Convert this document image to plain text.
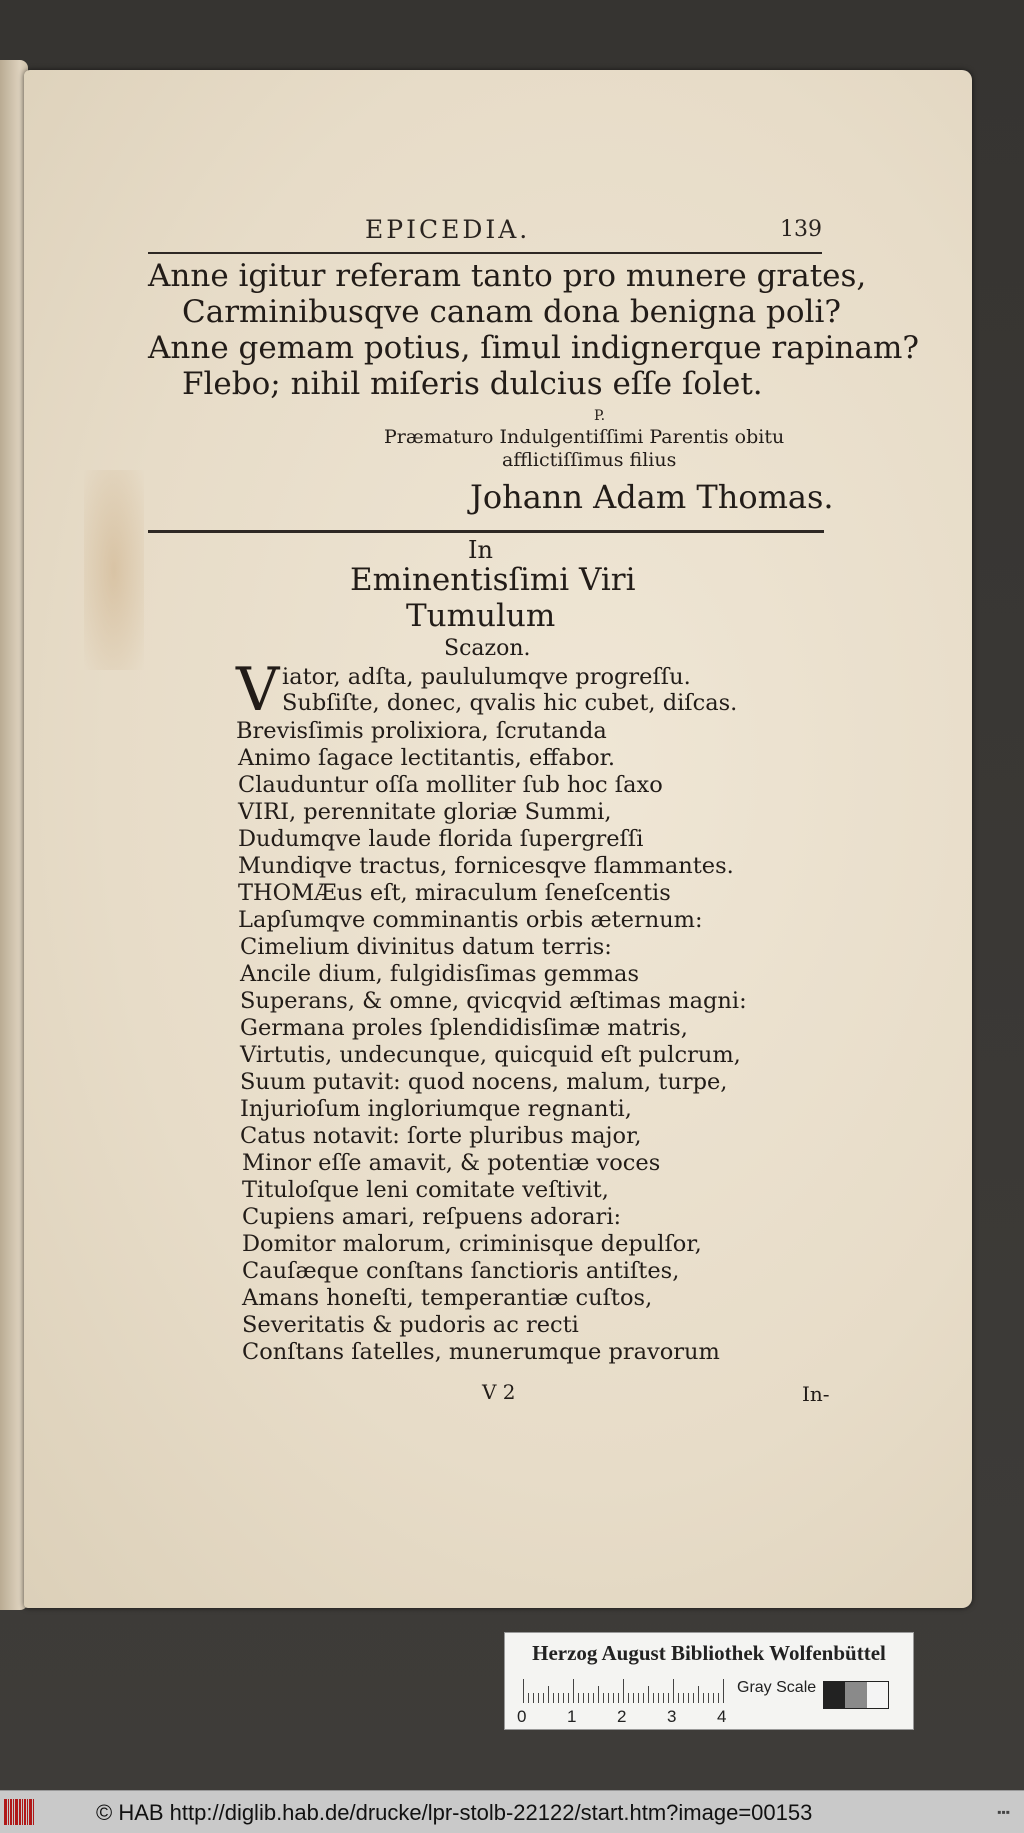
EPICEDIA.	139
Anne igitur referam tanto pro munere grates,
Carminibusqve canam dona benigna poli?
Anne gemam potius, ſimul indignerque rapinam?
Flebo; nihil miſeris dulcius eſſe ſolet.
P.
Præmaturo Indulgentiſſimi Parentis obitu
afflictiſſimus filius
Johann Adam Thomas.
In
Eminentisſimi Viri
Tumulum
Scazon.
V iator, adſta, paululumqve progreſſu.
Subſiſte, donec, qvalis hic cubet, diſcas.
Brevisſimis prolixiora, ſcrutanda
Animo ſagace lectitantis, effabor.
Clauduntur oſſa molliter ſub hoc ſaxo
VIRI, perennitate gloriæ Summi,
Dudumqve laude florida ſupergreſſi
Mundiqve tractus, fornicesqve flammantes.
THOMÆus eſt, miraculum ſeneſcentis
Lapſumqve comminantis orbis æternum:
Cimelium divinitus datum terris:
Ancile dium, fulgidisſimas gemmas
Superans, & omne, qvicqvid æſtimas magni:
Germana proles ſplendidisſimæ matris,
Virtutis, undecunque, quicquid eſt pulcrum,
Suum putavit: quod nocens, malum, turpe,
Injurioſum ingloriumque regnanti,
Catus notavit: ſorte pluribus major,
Minor eſſe amavit, & potentiæ voces
Tituloſque leni comitate veſtivit,
Cupiens amari, reſpuens adorari:
Domitor malorum, criminisque depulſor,
Cauſæque conſtans ſanctioris antiſtes,
Amans honeſti, temperantiæ cuſtos,
Severitatis & pudoris ac recti
Conſtans ſatelles, munerumque pravorum
V 2	In-
Herzog August Bibliothek Wolfenbüttel
0 1 2 3 4
Gray Scale
© HAB http://diglib.hab.de/drucke/lpr-stolb-22122/start.htm?image=00153	▪▪▪
